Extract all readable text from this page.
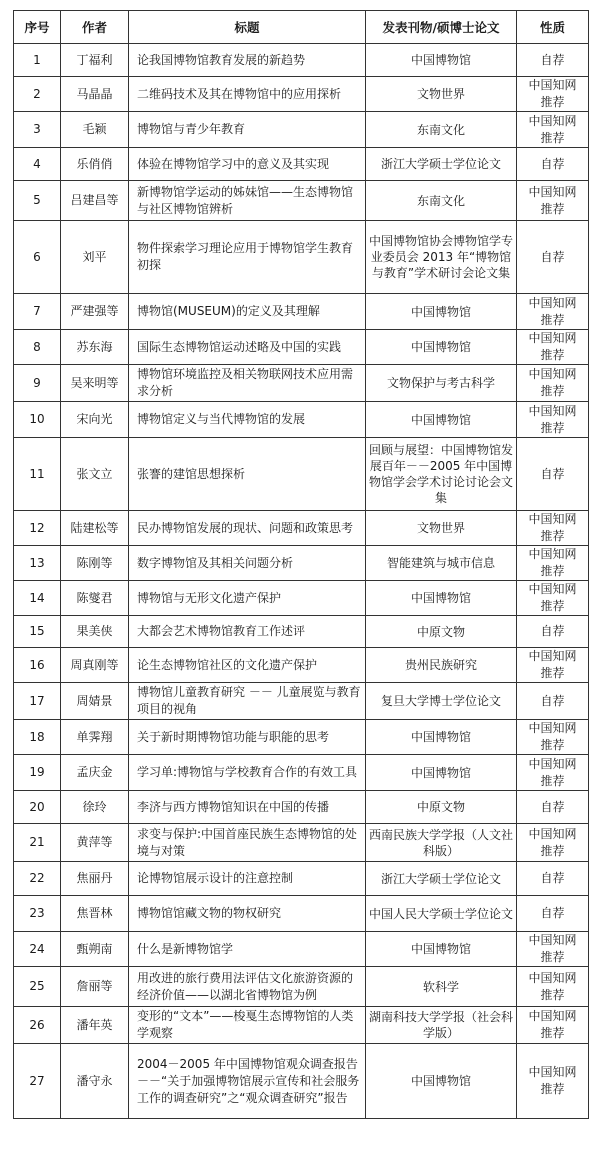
序号	作者	标题	发表刊物/硕博士论文	性质
1	丁福利	论我国博物馆教育发展的新趋势	中国博物馆	自荐
2	马晶晶	二维码技术及其在博物馆中的应用探析	文物世界	中国知网推荐
3	毛颖	博物馆与青少年教育	东南文化	中国知网推荐
4	乐俏俏	体验在博物馆学习中的意义及其实现	浙江大学硕士学位论文	自荐
5	吕建昌等	新博物馆学运动的姊妹馆——生态博物馆与社区博物馆辨析	东南文化	中国知网推荐
6	刘平	物件探索学习理论应用于博物馆学生教育初探	中国博物馆协会博物馆学专业委员会 2013 年“博物馆与教育”学术研讨会论文集	自荐
7	严建强等	博物馆(MUSEUM)的定义及其理解	中国博物馆	中国知网推荐
8	苏东海	国际生态博物馆运动述略及中国的实践	中国博物馆	中国知网推荐
9	吴来明等	博物馆环境监控及相关物联网技术应用需求分析	文物保护与考古科学	中国知网推荐
10	宋向光	博物馆定义与当代博物馆的发展	中国博物馆	中国知网推荐
11	张文立	张謇的建馆思想探析	回顾与展望：中国博物馆发展百年－－2005 年中国博物馆学会学术讨论讨论会文集	自荐
12	陆建松等	民办博物馆发展的现状、问题和政策思考	文物世界	中国知网推荐
13	陈刚等	数字博物馆及其相关问题分析	智能建筑与城市信息	中国知网推荐
14	陈燮君	博物馆与无形文化遗产保护	中国博物馆	中国知网推荐
15	果美侠	大都会艺术博物馆教育工作述评	中原文物	自荐
16	周真刚等	论生态博物馆社区的文化遗产保护	贵州民族研究	中国知网推荐
17	周婧景	博物馆儿童教育研究 －－ 儿童展览与教育项目的视角	复旦大学博士学位论文	自荐
18	单霁翔	关于新时期博物馆功能与职能的思考	中国博物馆	中国知网推荐
19	孟庆金	学习单:博物馆与学校教育合作的有效工具	中国博物馆	中国知网推荐
20	徐玲	李济与西方博物馆知识在中国的传播	中原文物	自荐
21	黄萍等	求变与保护:中国首座民族生态博物馆的处境与对策	西南民族大学学报（人文社科版）	中国知网推荐
22	焦丽丹	论博物馆展示设计的注意控制	浙江大学硕士学位论文	自荐
23	焦晋林	博物馆馆藏文物的物权研究	中国人民大学硕士学位论文	自荐
24	甄朔南	什么是新博物馆学	中国博物馆	中国知网推荐
25	詹丽等	用改进的旅行费用法评估文化旅游资源的经济价值——以湖北省博物馆为例	软科学	中国知网推荐
26	潘年英	变形的“文本”——梭戛生态博物馆的人类学观察	湖南科技大学学报（社会科学版）	中国知网推荐
27	潘守永	2004－2005 年中国博物馆观众调查报告－－“关于加强博物馆展示宣传和社会服务工作的调查研究”之“观众调查研究”报告	中国博物馆	中国知网推荐
